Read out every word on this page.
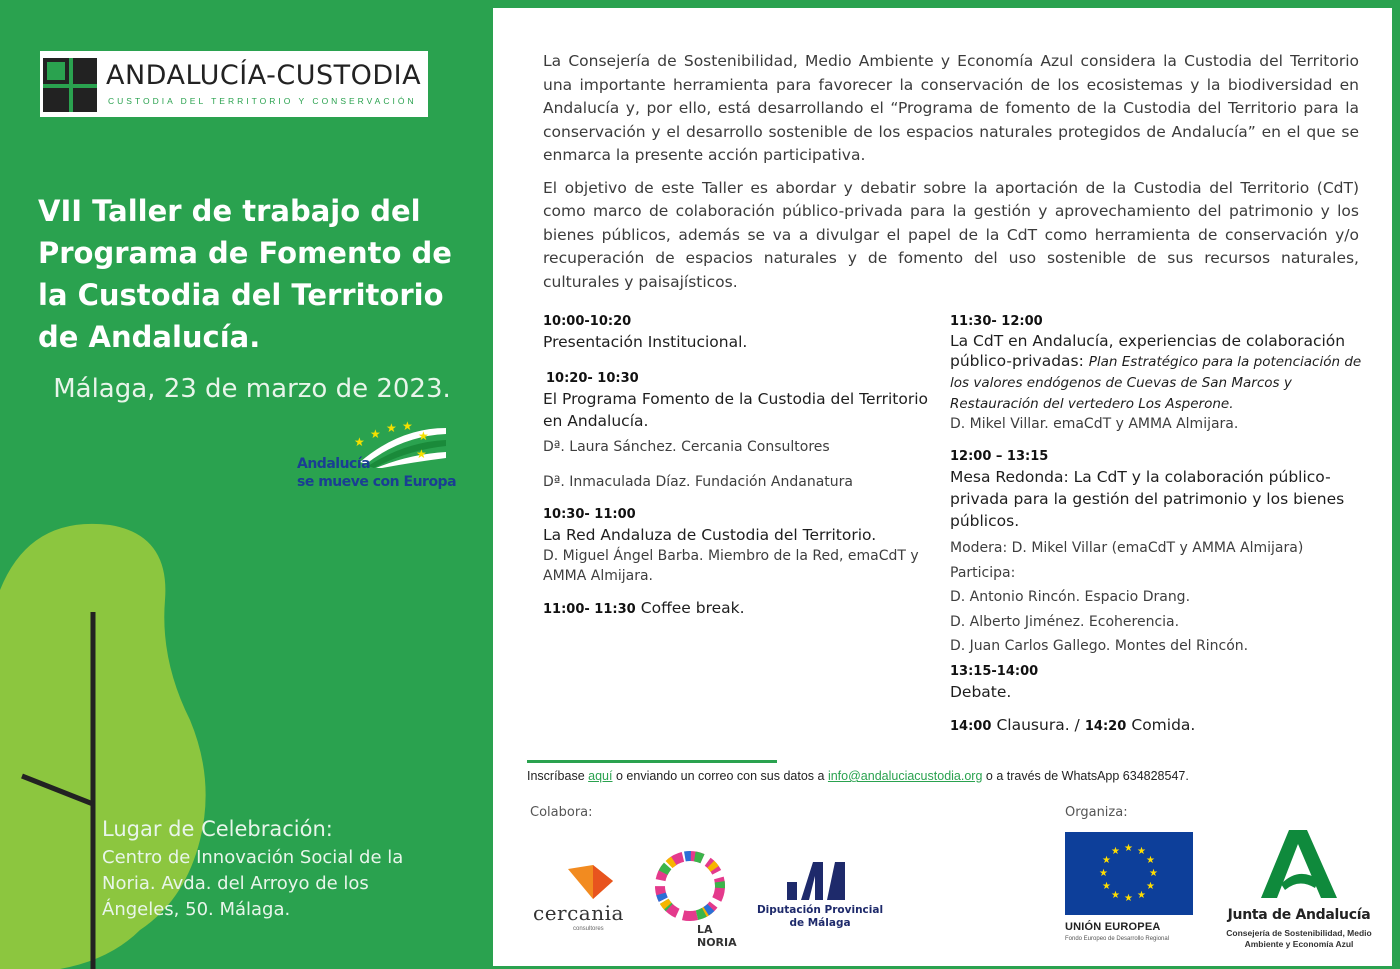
ANDALUCÍA-CUSTODIA
CUSTODIA DEL TERRITORIO Y CONSERVACIÓN
VII Taller de trabajo del Programa de Fomento de la Custodia del Territorio de Andalucía.
Málaga, 23 de marzo de 2023.
★
★ ★ ★
★
★
Andalucía
se mueve con Europa
Lugar de Celebración:
Centro de Innovación Social de la Noria. Avda. del Arroyo de los Ángeles, 50. Málaga.

La Consejería de Sostenibilidad, Medio Ambiente y Economía Azul considera la Custodia del Territorio una importante herramienta para favorecer la conservación de los ecosistemas y la biodiversidad en Andalucía y, por ello, está desarrollando el “Programa de fomento de la Custodia del Territorio para la conservación y el desarrollo sostenible de los espacios naturales protegidos de Andalucía” en el que se enmarca la presente acción participativa.

El objetivo de este Taller es abordar y debatir sobre la aportación de la Custodia del Territorio (CdT) como marco de colaboración público-privada para la gestión y aprovechamiento del patrimonio y los bienes públicos, además se va a divulgar el papel de la CdT como herramienta de conservación y/o recuperación de espacios naturales y de fomento del uso sostenible de sus recursos naturales, culturales y paisajísticos.

10:00-10:20
Presentación Institucional.
10:20- 10:30
El Programa Fomento de la Custodia del Territorio en Andalucía.
Dª. Laura Sánchez. Cercania Consultores
Dª. Inmaculada Díaz. Fundación Andanatura
10:30- 11:00
La Red Andaluza de Custodia del Territorio.
D. Miguel Ángel Barba. Miembro de la Red, emaCdT y AMMA Almijara.
11:00- 11:30 Coffee break.
11:30- 12:00
La CdT en Andalucía, experiencias de colaboración público-privadas: Plan Estratégico para la potenciación de los valores endógenos de Cuevas de San Marcos y Restauración del vertedero Los Asperone.
D. Mikel Villar. emaCdT y AMMA Almijara.
12:00 – 13:15
Mesa Redonda: La CdT y la colaboración público-privada para la gestión del patrimonio y los bienes públicos.
Modera: D. Mikel Villar (emaCdT y AMMA Almijara)
Participa:
D. Antonio Rincón. Espacio Drang.
D. Alberto Jiménez. Ecoherencia.
D. Juan Carlos Gallego. Montes del Rincón.
13:15-14:00
Debate.
14:00 Clausura. / 14:20 Comida.
Inscríbase aquí o enviando un correo con sus datos a info@andaluciacustodia.org o a través de WhatsApp 634828547.
Colabora:	Organiza:
cercania
consultores	LA NORIA
Diputación Provincial de Málaga
★ ★
★
★
★
★
★
★
★
★
★
★
UNIÓN EUROPEA
Fondo Europeo de Desarrollo Regional
Junta de Andalucía
Consejería de Sostenibilidad, Medio Ambiente y Economía Azul
